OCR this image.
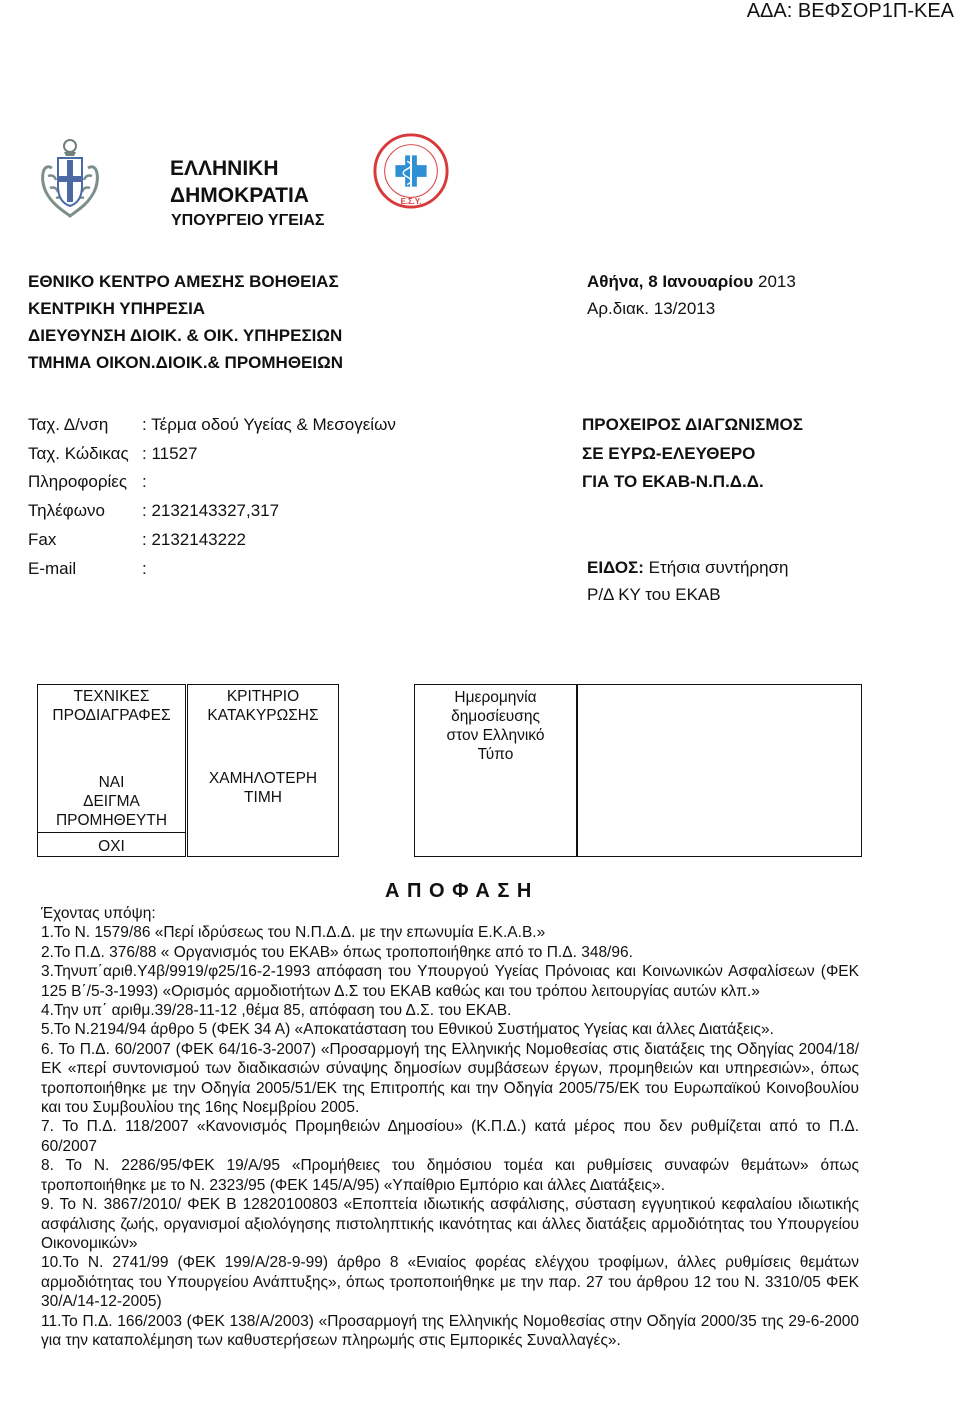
ΑΔΑ: ΒΕΦΣΟΡ1Π-ΚΕΑ
Ε.Σ.Υ.
ΕΛΛΗΝΙΚΗ
ΔΗΜΟΚΡΑΤΙΑ
ΥΠΟΥΡΓΕΙΟ ΥΓΕΙΑΣ
ΕΘΝΙΚΟ ΚΕΝΤΡΟ ΑΜΕΣΗΣ ΒΟΗΘΕΙΑΣ
ΚΕΝΤΡΙΚΗ ΥΠΗΡΕΣΙΑ
ΔΙΕΥΘΥΝΣΗ ΔΙΟΙΚ. & ΟΙΚ. ΥΠΗΡΕΣΙΩΝ
ΤΜΗΜΑ ΟΙΚΟΝ.ΔΙΟΙΚ.& ΠΡΟΜΗΘΕΙΩΝ
Αθήνα, 8 Ιανουαρίου 2013
Αρ.διακ. 13/2013
Ταχ. Δ/νση : Τέρμα οδού Υγείας & Μεσογείων
Ταχ. Κώδικας : 11527
Πληροφορίες :
Τηλέφωνο : 2132143327,317
Fax	: 2132143222
E-mail	:
ΠΡΟΧΕΙΡΟΣ ΔΙΑΓΩΝΙΣΜΟΣ
ΣΕ ΕΥΡΩ-ΕΛΕΥΘΕΡΟ
ΓΙΑ ΤΟ ΕΚΑΒ-Ν.Π.Δ.Δ.
ΕΙΔΟΣ: Ετήσια συντήρηση
Ρ/Δ ΚΥ του ΕΚΑΒ
ΤΕΧΝΙΚΕΣ
ΠΡΟΔΙΑΓΡΑΦΕΣ
ΝΑΙ
ΔΕΙΓΜΑ
ΠΡΟΜΗΘΕΥΤΗ
ΟΧΙ
ΚΡΙΤΗΡΙΟ
ΚΑΤΑΚΥΡΩΣΗΣ
ΧΑΜΗΛΟΤΕΡΗ
ΤΙΜΗ
Ημερομηνία
δημοσίευσης
στον Ελληνικό
Τύπο
Α Π Ο Φ Α Σ Η

Έχοντας υπόψη:

1.Το Ν. 1579/86 «Περί ιδρύσεως του Ν.Π.Δ.Δ. με την επωνυμία Ε.Κ.Α.Β.»

2.Το Π.Δ. 376/88 « Οργανισμός του ΕΚΑΒ» όπως τροποποιήθηκε από το Π.Δ. 348/96.

3.Τηνυπ΄αριθ.Υ4β/9919/φ25/16-2-1993 απόφαση του Υπουργού Υγείας Πρόνοιας και Κοινωνικών Ασφαλίσεων (ΦΕΚ 125 Β΄/5-3-1993) «Ορισμός αρμοδιοτήτων Δ.Σ του ΕΚΑΒ καθώς και του τρόπου λειτουργίας αυτών κλπ.»

4.Την υπ΄ αριθμ.39/28-11-12 ,θέμα 85, απόφαση του Δ.Σ. του ΕΚΑΒ.

5.Το Ν.2194/94 άρθρο 5 (ΦΕΚ 34 Α) «Αποκατάσταση του Εθνικού Συστήματος Υγείας και άλλες Διατάξεις».

6. Το Π.Δ. 60/2007 (ΦΕΚ 64/16-3-2007) «Προσαρμογή της Ελληνικής Νομοθεσίας στις διατάξεις της Οδηγίας 2004/18/ΕΚ «περί συντονισμού των διαδικασιών σύναψης δημοσίων συμβάσεων έργων, προμηθειών και υπηρεσιών», όπως τροποποιήθηκε με την Οδηγία 2005/51/ΕΚ της Επιτροπής και την Οδηγία 2005/75/ΕΚ του Ευρωπαϊκού Κοινοβουλίου και του Συμβουλίου της 16ης Νοεμβρίου 2005.

7. Το Π.Δ. 118/2007 «Κανονισμός Προμηθειών Δημοσίου» (Κ.Π.Δ.) κατά μέρος που δεν ρυθμίζεται από το Π.Δ. 60/2007

8. Το Ν. 2286/95/ΦΕΚ 19/Α/95 «Προμήθειες του δημόσιου τομέα και ρυθμίσεις συναφών θεμάτων» όπως τροποποιήθηκε με το Ν. 2323/95 (ΦΕΚ 145/Α/95) «Υπαίθριο Εμπόριο και άλλες Διατάξεις».

9. Το Ν. 3867/2010/ ΦΕΚ Β 12820100803 «Εποπτεία ιδιωτικής ασφάλισης, σύσταση εγγυητικού κεφαλαίου ιδιωτικής ασφάλισης ζωής, οργανισμοί αξιολόγησης πιστοληπτικής ικανότητας και άλλες διατάξεις αρμοδιότητας του Υπουργείου Οικονομικών»

10.Το Ν. 2741/99 (ΦΕΚ 199/Α/28-9-99) άρθρο 8 «Ενιαίος φορέας ελέγχου τροφίμων, άλλες ρυθμίσεις θεμάτων αρμοδιότητας του Υπουργείου Ανάπτυξης», όπως τροποποιήθηκε με την παρ. 27 του άρθρου 12 του Ν. 3310/05 ΦΕΚ 30/Α/14-12-2005)

11.Το Π.Δ. 166/2003 (ΦΕΚ 138/Α/2003) «Προσαρμογή της Ελληνικής Νομοθεσίας στην Οδηγία 2000/35 της 29-6-2000 για την καταπολέμηση των καθυστερήσεων πληρωμής στις Εμπορικές Συναλλαγές».
